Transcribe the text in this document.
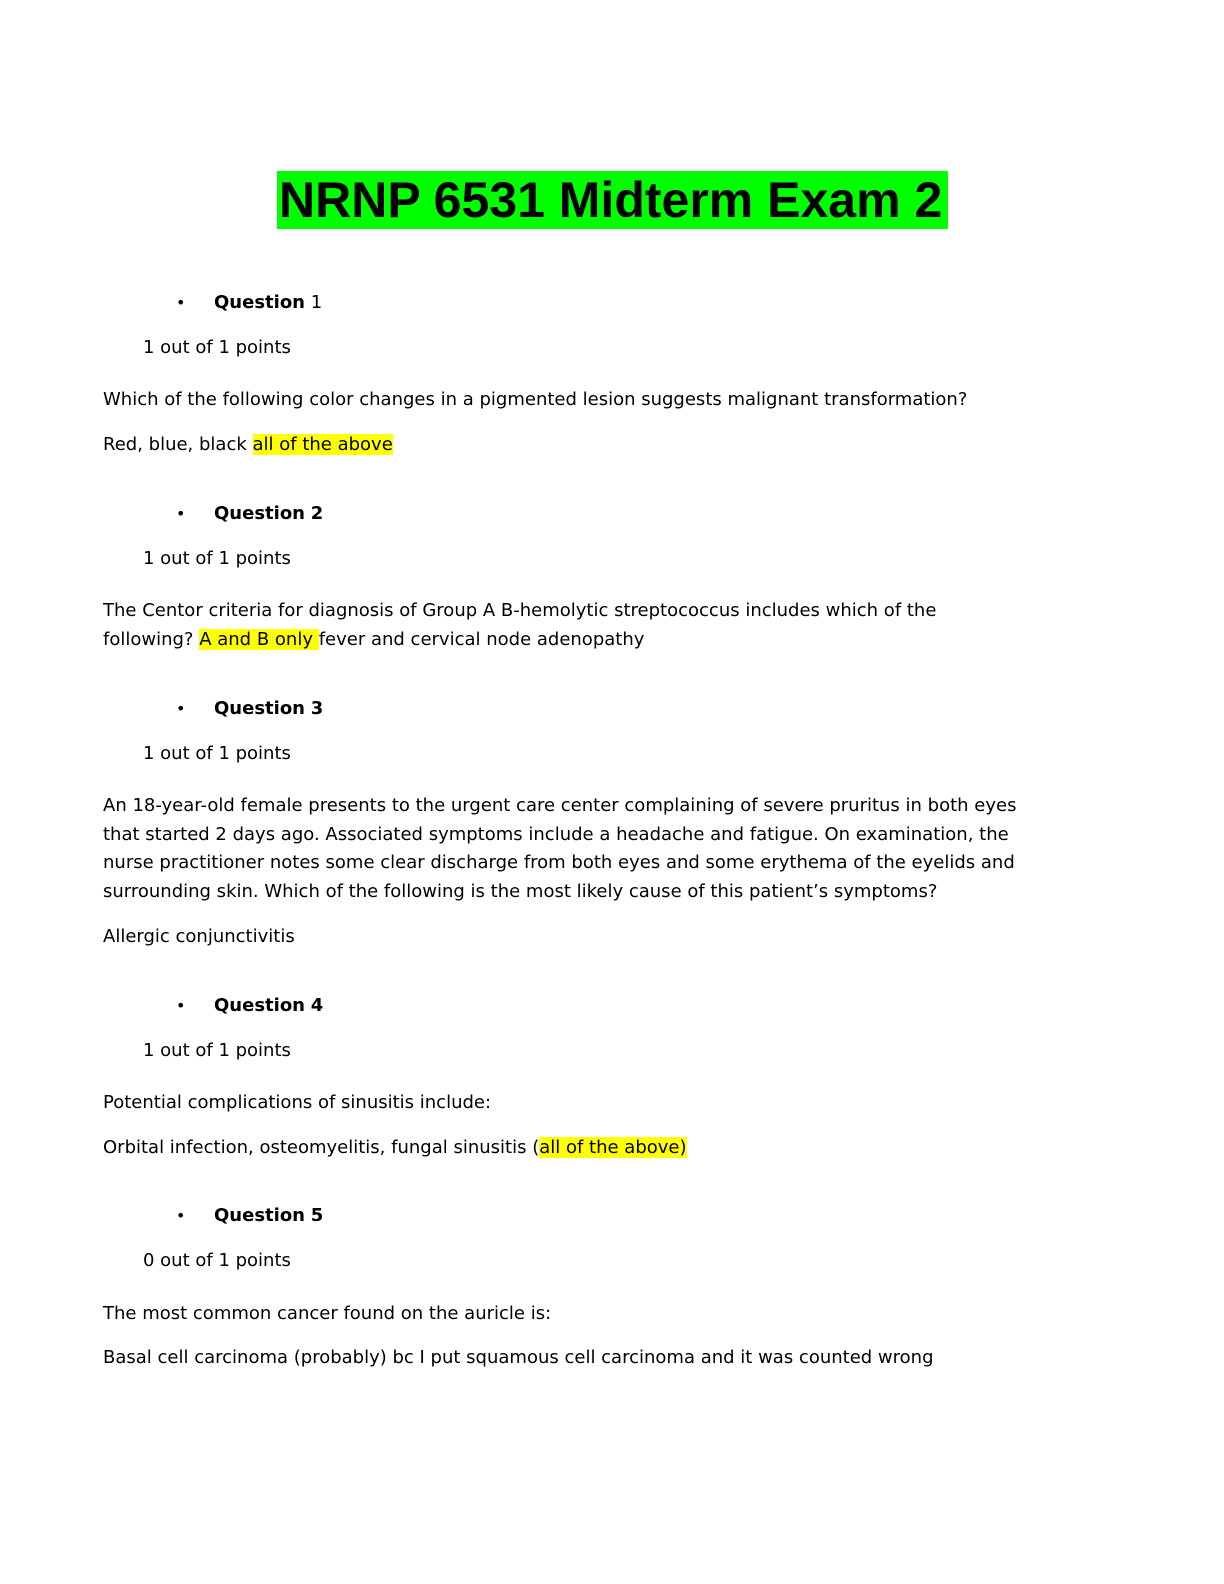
NRNP 6531 Midterm Exam 2
• Question 1
1 out of 1 points
Which of the following color changes in a pigmented lesion suggests malignant transformation?
Red, blue, black all of the above
• Question 2
1 out of 1 points
The Centor criteria for diagnosis of Group A B-hemolytic streptococcus includes which of the
following? A and B only fever and cervical node adenopathy
• Question 3
1 out of 1 points
An 18-year-old female presents to the urgent care center complaining of severe pruritus in both eyes
that started 2 days ago. Associated symptoms include a headache and fatigue. On examination, the
nurse practitioner notes some clear discharge from both eyes and some erythema of the eyelids and
surrounding skin. Which of the following is the most likely cause of this patient’s symptoms?
Allergic conjunctivitis
• Question 4
1 out of 1 points
Potential complications of sinusitis include:
Orbital infection, osteomyelitis, fungal sinusitis (all of the above)
• Question 5
0 out of 1 points
The most common cancer found on the auricle is:
Basal cell carcinoma (probably) bc I put squamous cell carcinoma and it was counted wrong
